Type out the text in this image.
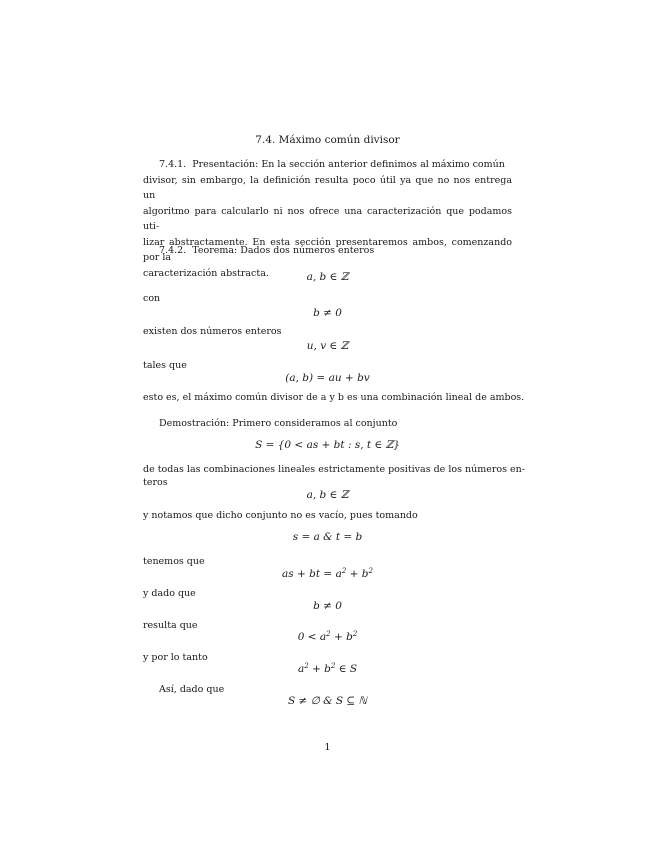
7.4. Máximo común divisor
7.4.1. Presentación: En la sección anterior definimos al máximo común
divisor, sin embargo, la definición resulta poco útil ya que no nos entrega un
algoritmo para calcularlo ni nos ofrece una caracterización que podamos uti-
lizar abstractamente. En esta sección presentaremos ambos, comenzando por la
caracterización abstracta.
7.4.2. Teorema: Dados dos números enteros
a, b ∈ ℤ
con
b ≠ 0
existen dos números enteros
u, v ∈ ℤ
tales que
(a, b) = au + bv
esto es, el máximo común divisor de a y b es una combinación lineal de ambos.
Demostración: Primero consideramos al conjunto
S = {0 < as + bt : s, t ∈ ℤ}
de todas las combinaciones lineales estrictamente positivas de los números en-
teros
a, b ∈ ℤ
y notamos que dicho conjunto no es vacío, pues tomando
s = a & t = b
tenemos que
as + bt = $a^2 + b^2$
y dado que
b ≠ 0
resulta que
$0 < a^2 + b^2$
y por lo tanto
$a^2 + b^2$ ∈ S
Así, dado que
S ≠ ∅ & S ⊆ ℕ
1
